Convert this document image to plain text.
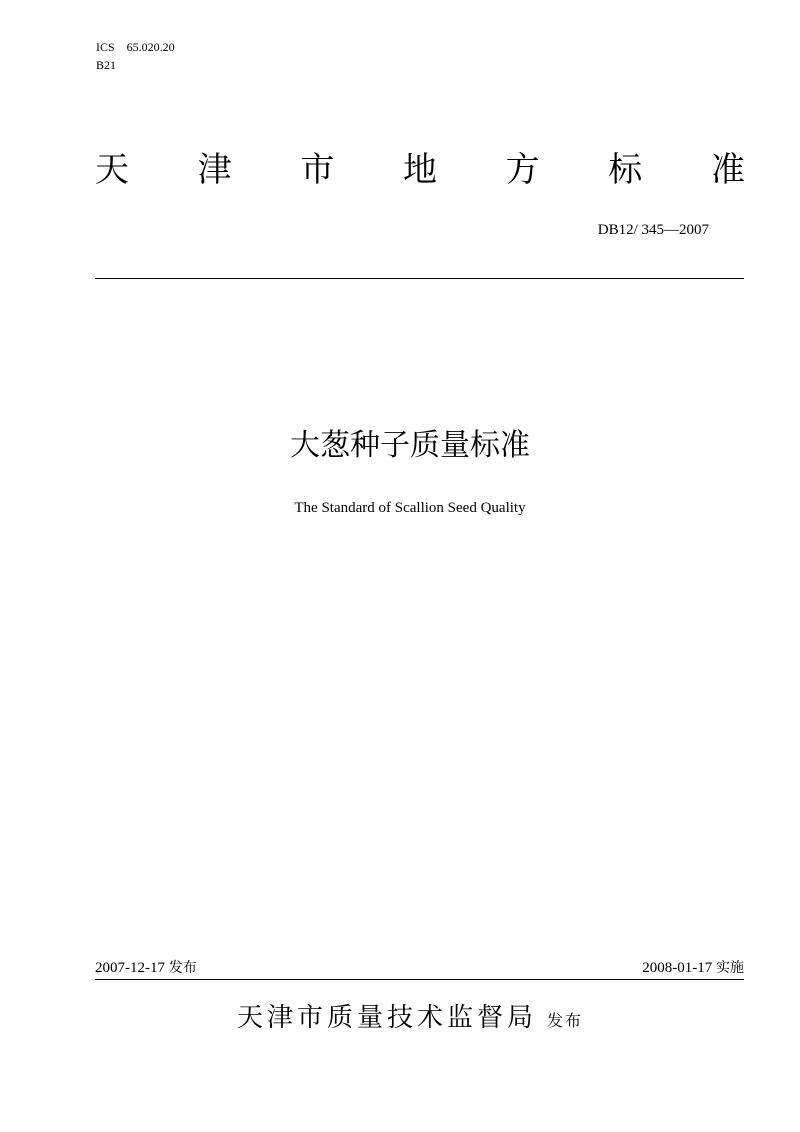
ICS    65.020.20
B21
天 津 市 地 方 标 准
DB12/ 345—2007
大葱种子质量标准
The Standard of Scallion Seed Quality
2007-12-17 发布	2008-01-17 实施
天津市质量技术监督局 发布
